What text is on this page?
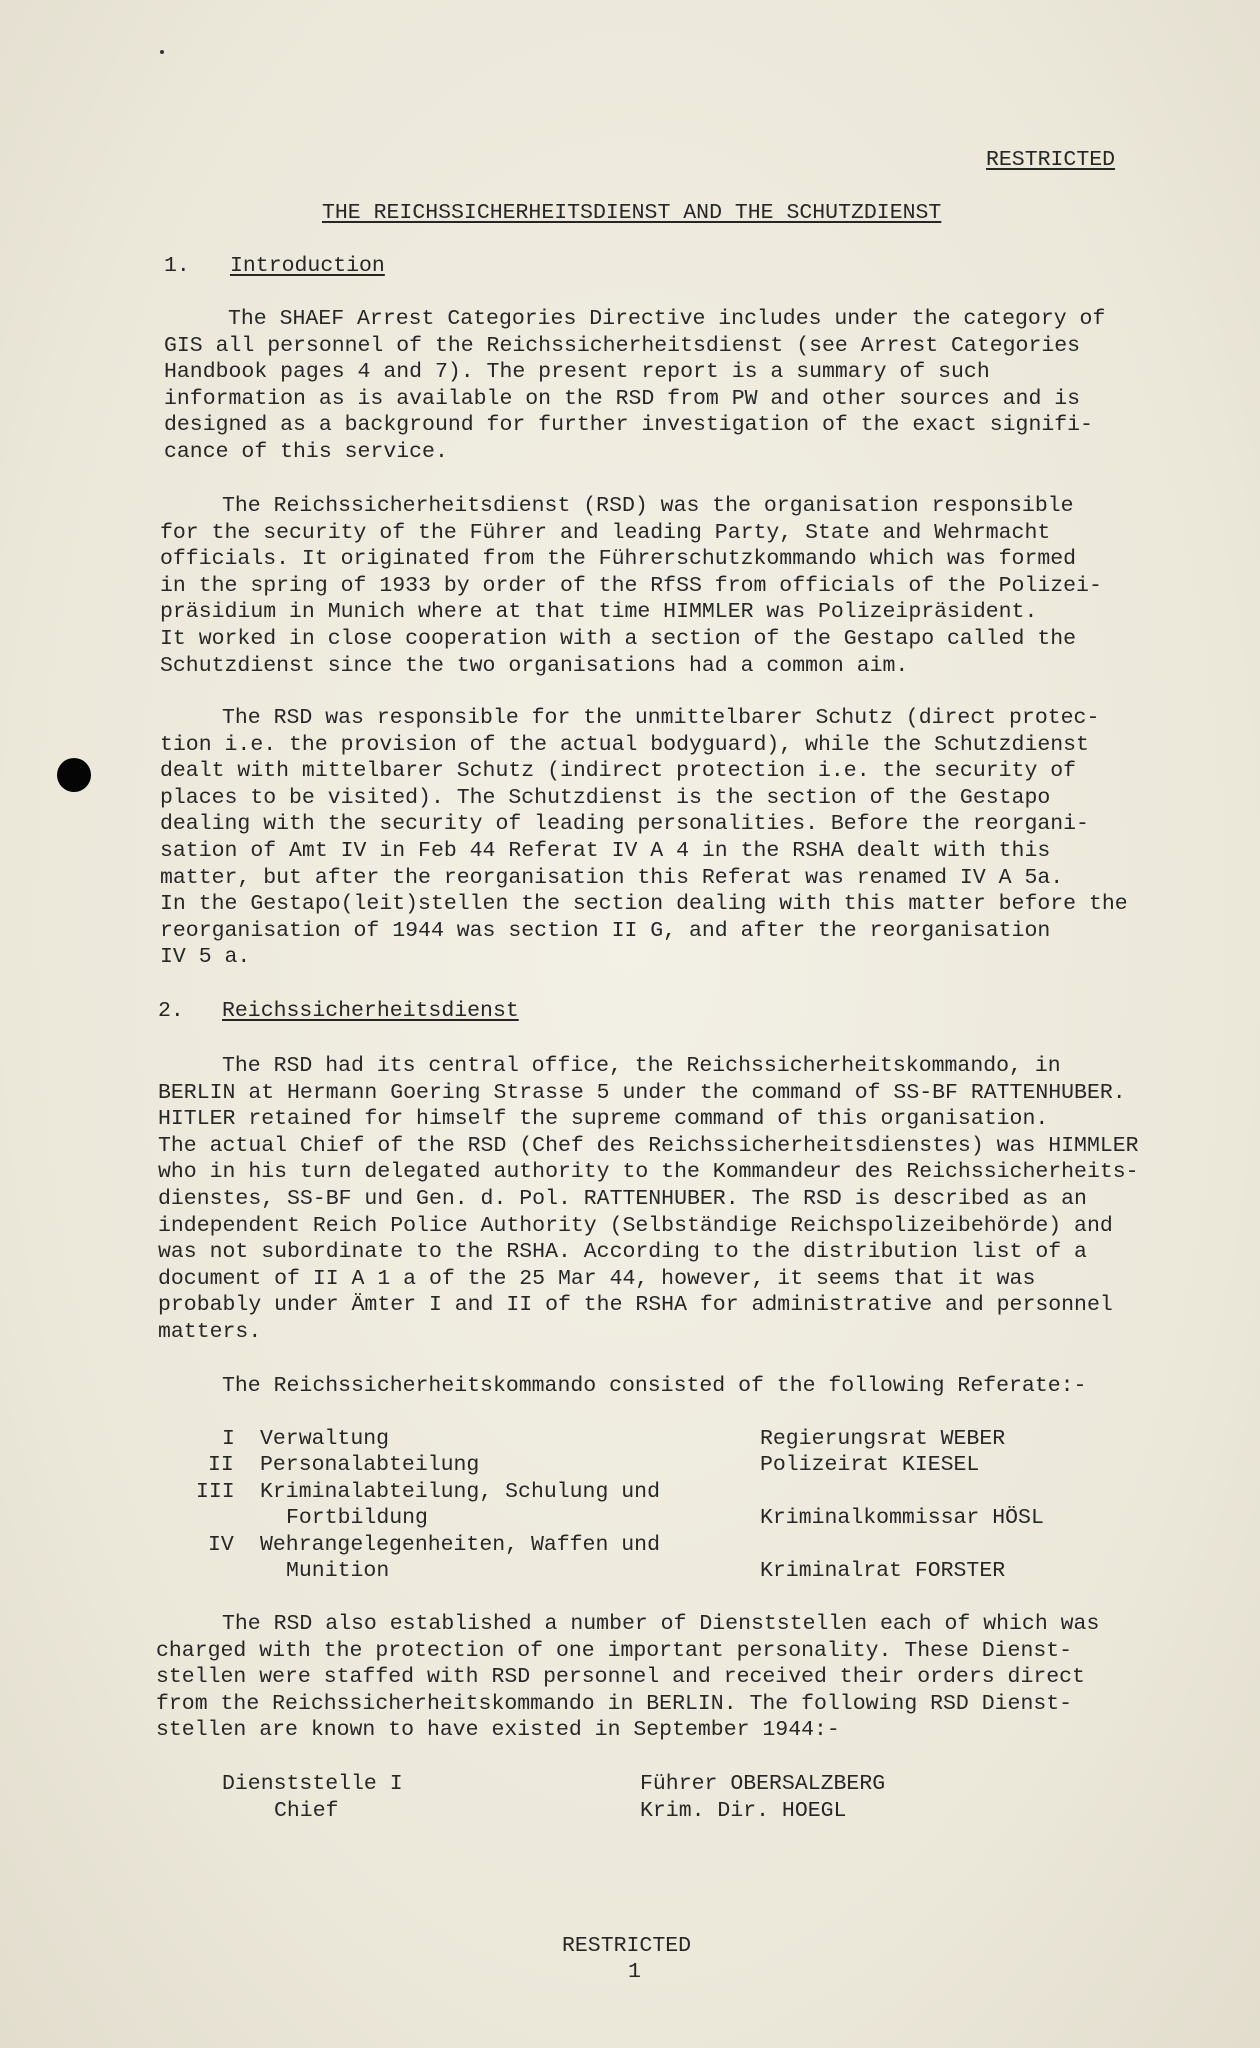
RESTRICTED
THE REICHSSICHERHEITSDIENST AND THE SCHUTZDIENST
1. Introduction
The SHAEF Arrest Categories Directive includes under the category of
GIS all personnel of the Reichssicherheitsdienst (see Arrest Categories
Handbook pages 4 and 7). The present report is a summary of such
information as is available on the RSD from PW and other sources and is
designed as a background for further investigation of the exact signifi-
cance of this service.
The Reichssicherheitsdienst (RSD) was the organisation responsible
for the security of the Führer and leading Party, State and Wehrmacht
officials. It originated from the Führerschutzkommando which was formed
in the spring of 1933 by order of the RfSS from officials of the Polizei-
präsidium in Munich where at that time HIMMLER was Polizeipräsident.
It worked in close cooperation with a section of the Gestapo called the
Schutzdienst since the two organisations had a common aim.
The RSD was responsible for the unmittelbarer Schutz (direct protec-
tion i.e. the provision of the actual bodyguard), while the Schutzdienst
dealt with mittelbarer Schutz (indirect protection i.e. the security of
places to be visited). The Schutzdienst is the section of the Gestapo
dealing with the security of leading personalities. Before the reorgani-
sation of Amt IV in Feb 44 Referat IV A 4 in the RSHA dealt with this
matter, but after the reorganisation this Referat was renamed IV A 5a.
In the Gestapo(leit)stellen the section dealing with this matter before the
reorganisation of 1944 was section II G, and after the reorganisation
IV 5 a.
2. Reichssicherheitsdienst
The RSD had its central office, the Reichssicherheitskommando, in
BERLIN at Hermann Goering Strasse 5 under the command of SS-BF RATTENHUBER.
HITLER retained for himself the supreme command of this organisation.
The actual Chief of the RSD (Chef des Reichssicherheitsdienstes) was HIMMLER
who in his turn delegated authority to the Kommandeur des Reichssicherheits-
dienstes, SS-BF und Gen. d. Pol. RATTENHUBER. The RSD is described as an
independent Reich Police Authority (Selbständige Reichspolizeibehörde) and
was not subordinate to the RSHA. According to the distribution list of a
document of II A 1 a of the 25 Mar 44, however, it seems that it was
probably under Ämter I and II of the RSHA for administrative and personnel
matters.
The Reichssicherheitskommando consisted of the following Referate:-
I Verwaltung	Regierungsrat WEBER
II Personalabteilung	Polizeirat KIESEL
III Kriminalabteilung, Schulung und
Fortbildung	Kriminalkommissar HÖSL
IV Wehrangelegenheiten, Waffen und
Munition	Kriminalrat FORSTER
The RSD also established a number of Dienststellen each of which was
charged with the protection of one important personality. These Dienst-
stellen were staffed with RSD personnel and received their orders direct
from the Reichssicherheitskommando in BERLIN. The following RSD Dienst-
stellen are known to have existed in September 1944:-
Dienststelle I	Führer OBERSALZBERG
Chief	Krim. Dir. HOEGL
RESTRICTED
1
